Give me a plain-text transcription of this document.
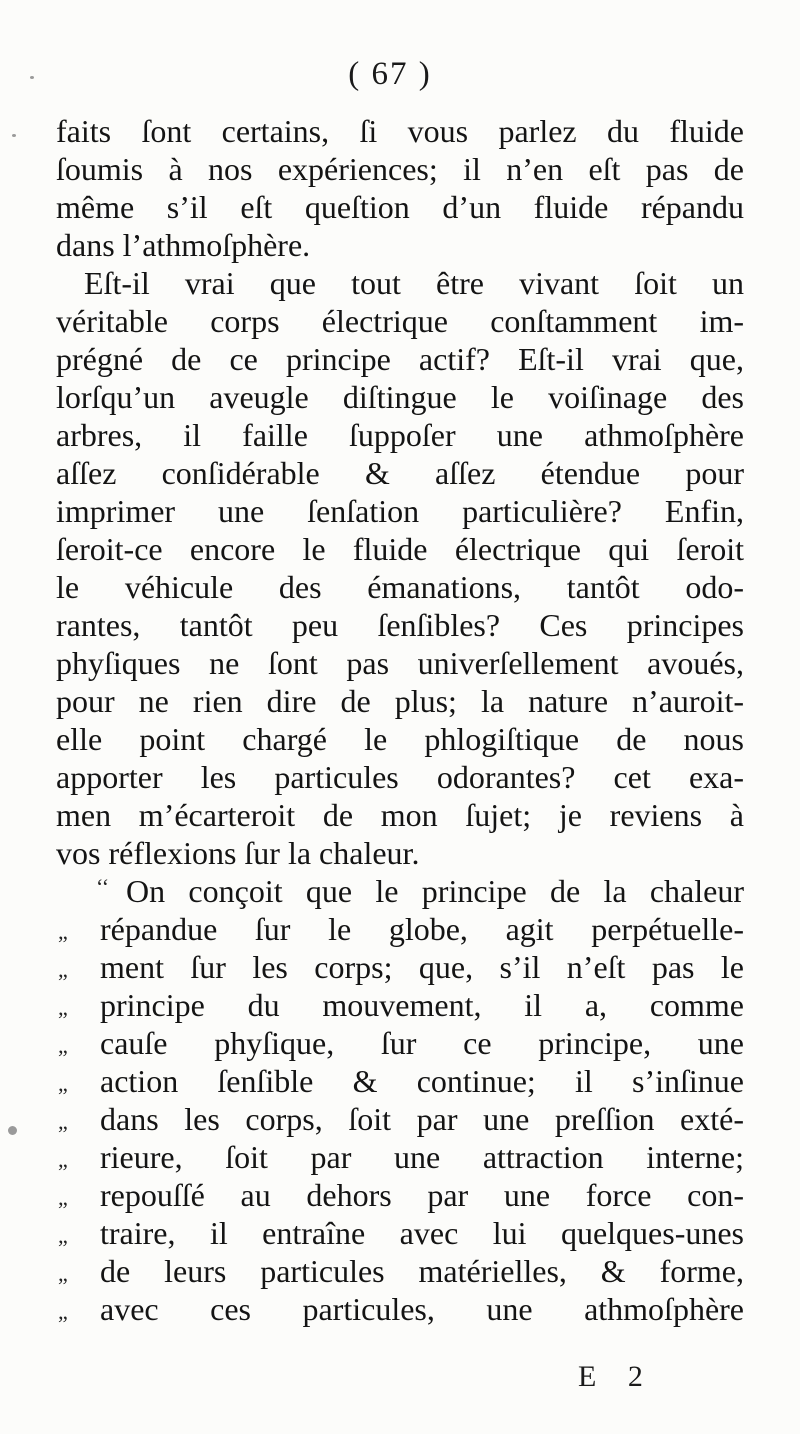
( 67 )
faits ſont certains, ſi vous parlez du fluide
ſoumis à nos expériences; il n’en eſt pas de
même s’il eſt queſtion d’un fluide répandu
dans l’athmoſphère.
Eſt-il vrai que tout être vivant ſoit un
véritable corps électrique conſtamment im-
prégné de ce principe actif? Eſt-il vrai que,
lorſqu’un aveugle diſtingue le voiſinage des
arbres, il faille ſuppoſer une athmoſphère
aſſez conſidérable & aſſez étendue pour
imprimer une ſenſation particulière? Enfin,
ſeroit-ce encore le fluide électrique qui ſeroit
le véhicule des émanations, tantôt odo-
rantes, tantôt peu ſenſibles? Ces principes
phyſiques ne ſont pas univerſellement avoués,
pour ne rien dire de plus; la nature n’auroit-
elle point chargé le phlogiſtique de nous
apporter les particules odorantes? cet exa-
men m’écarteroit de mon ſujet; je reviens à
vos réflexions ſur la chaleur.
‘‘ On conçoit que le principe de la chaleur
„ répandue ſur le globe, agit perpétuelle-
„ ment ſur les corps; que, s’il n’eſt pas le
„ principe du mouvement, il a, comme
„ cauſe phyſique, ſur ce principe, une
„ action ſenſible & continue; il s’inſinue
„ dans les corps, ſoit par une preſſion exté-
„ rieure, ſoit par une attraction interne;
„ repouſſé au dehors par une force con-
„ traire, il entraîne avec lui quelques-unes
„ de leurs particules matérielles, & forme,
„ avec ces particules, une athmoſphère
E 2
